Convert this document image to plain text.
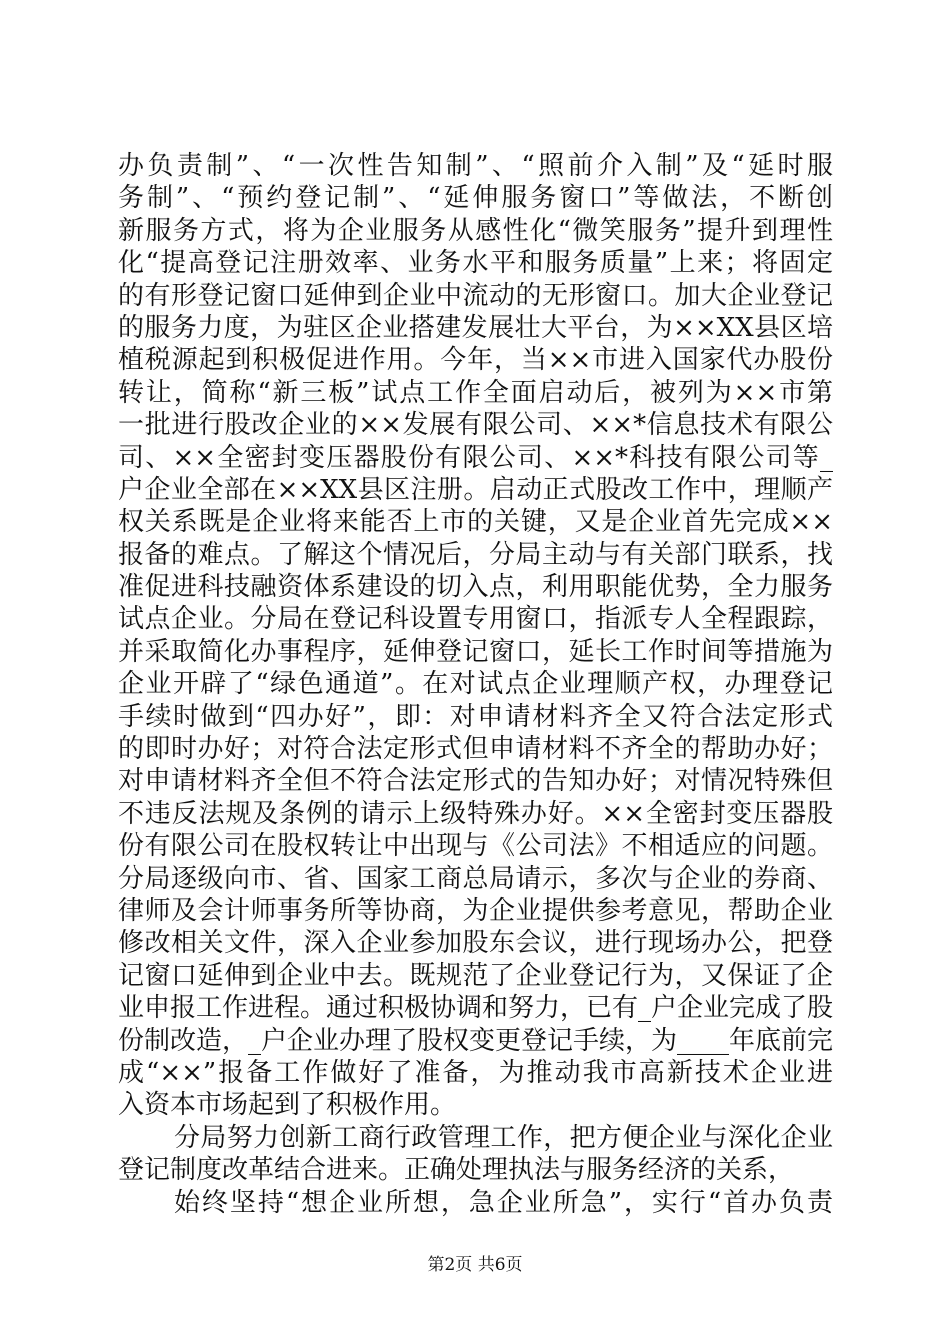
办负责制”、“一次性告知制”、“照前介入制”及“延时服
务制”、“预约登记制”、“延伸服务窗口”等做法，不断创
新服务方式，将为企业服务从感性化“微笑服务”提升到理性
化“提高登记注册效率、业务水平和服务质量”上来；将固定
的有形登记窗口延伸到企业中流动的无形窗口。加大企业登记
的服务力度，为驻区企业搭建发展壮大平台，为××XX县区培
植税源起到积极促进作用。今年，当××市进入国家代办股份
转让，简称“新三板”试点工作全面启动后，被列为××市第
一批进行股改企业的××发展有限公司、××*信息技术有限公
司、××全密封变压器股份有限公司、××*科技有限公司等_
户企业全部在××XX县区注册。启动正式股改工作中，理顺产
权关系既是企业将来能否上市的关键，又是企业首先完成××
报备的难点。了解这个情况后，分局主动与有关部门联系，找
准促进科技融资体系建设的切入点，利用职能优势，全力服务
试点企业。分局在登记科设置专用窗口，指派专人全程跟踪，
并采取简化办事程序，延伸登记窗口，延长工作时间等措施为
企业开辟了“绿色通道”。在对试点企业理顺产权，办理登记
手续时做到“四办好”，即：对申请材料齐全又符合法定形式
的即时办好；对符合法定形式但申请材料不齐全的帮助办好；
对申请材料齐全但不符合法定形式的告知办好；对情况特殊但
不违反法规及条例的请示上级特殊办好。××全密封变压器股
份有限公司在股权转让中出现与《公司法》不相适应的问题。
分局逐级向市、省、国家工商总局请示，多次与企业的券商、
律师及会计师事务所等协商，为企业提供参考意见，帮助企业
修改相关文件，深入企业参加股东会议，进行现场办公，把登
记窗口延伸到企业中去。既规范了企业登记行为，又保证了企
业申报工作进程。通过积极协调和努力，已有_户企业完成了股
份制改造，_户企业办理了股权变更登记手续，为____年底前完
成“××”报备工作做好了准备，为推动我市高新技术企业进
入资本市场起到了积极作用。
分局努力创新工商行政管理工作，把方便企业与深化企业
登记制度改革结合进来。正确处理执法与服务经济的关系，
始终坚持“想企业所想，急企业所急”，实行“首办负责
第2页 共6页
